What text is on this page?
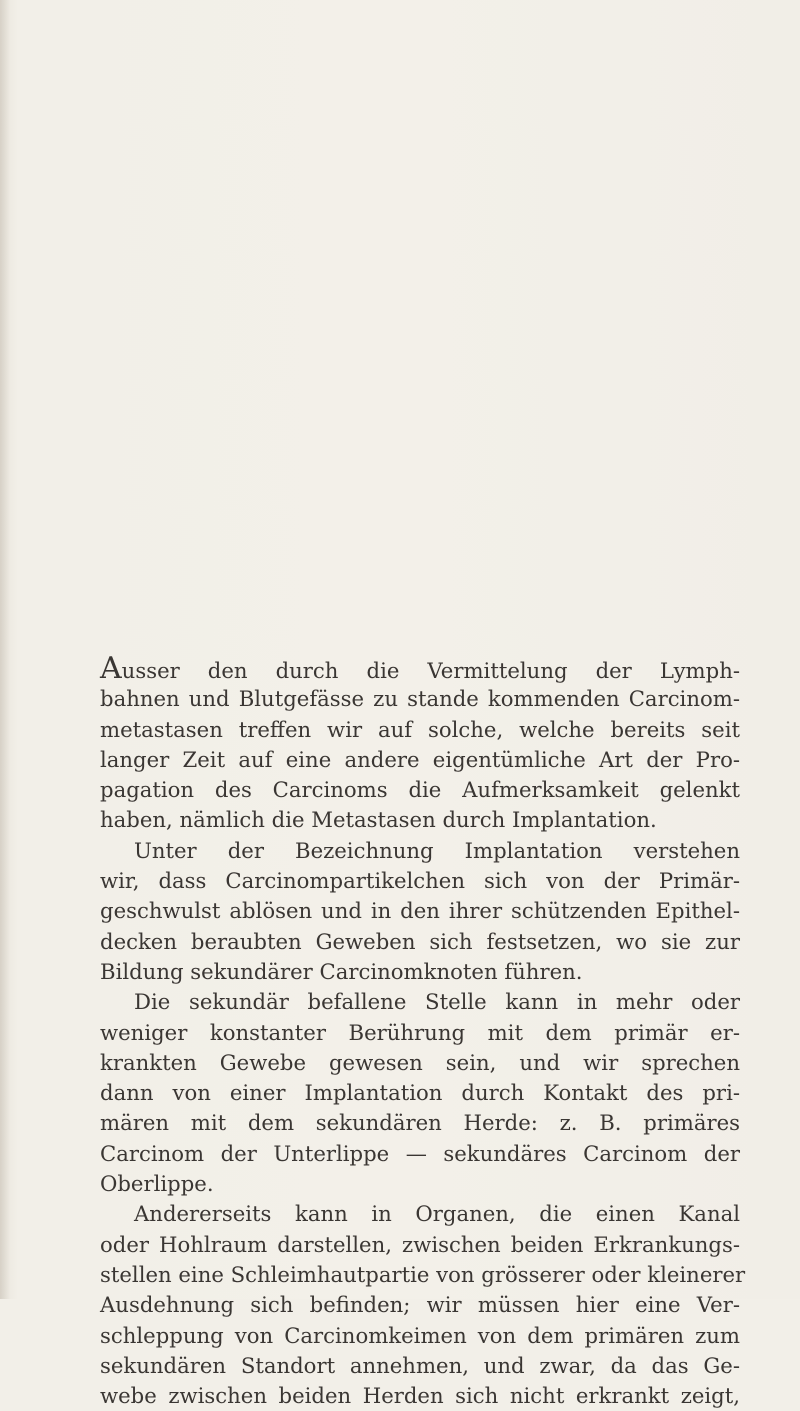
Ausser den durch die Vermittelung der Lymph-
bahnen und Blutgefässe zu stande kommenden Carcinom-
metastasen treffen wir auf solche, welche bereits seit
langer Zeit auf eine andere eigentümliche Art der Pro-
pagation des Carcinoms die Aufmerksamkeit gelenkt
haben, nämlich die Metastasen durch Implantation.
Unter der Bezeichnung Implantation verstehen
wir, dass Carcinompartikelchen sich von der Primär-
geschwulst ablösen und in den ihrer schützenden Epithel-
decken beraubten Geweben sich festsetzen, wo sie zur
Bildung sekundärer Carcinomknoten führen.
Die sekundär befallene Stelle kann in mehr oder
weniger konstanter Berührung mit dem primär er-
krankten Gewebe gewesen sein, und wir sprechen
dann von einer Implantation durch Kontakt des pri-
mären mit dem sekundären Herde: z. B. primäres
Carcinom der Unterlippe — sekundäres Carcinom der
Oberlippe.
Andererseits kann in Organen, die einen Kanal
oder Hohlraum darstellen, zwischen beiden Erkrankungs-
stellen eine Schleimhautpartie von grösserer oder kleinerer
Ausdehnung sich befinden; wir müssen hier eine Ver-
schleppung von Carcinomkeimen von dem primären zum
sekundären Standort annehmen, und zwar, da das Ge-
webe zwischen beiden Herden sich nicht erkrankt zeigt,
